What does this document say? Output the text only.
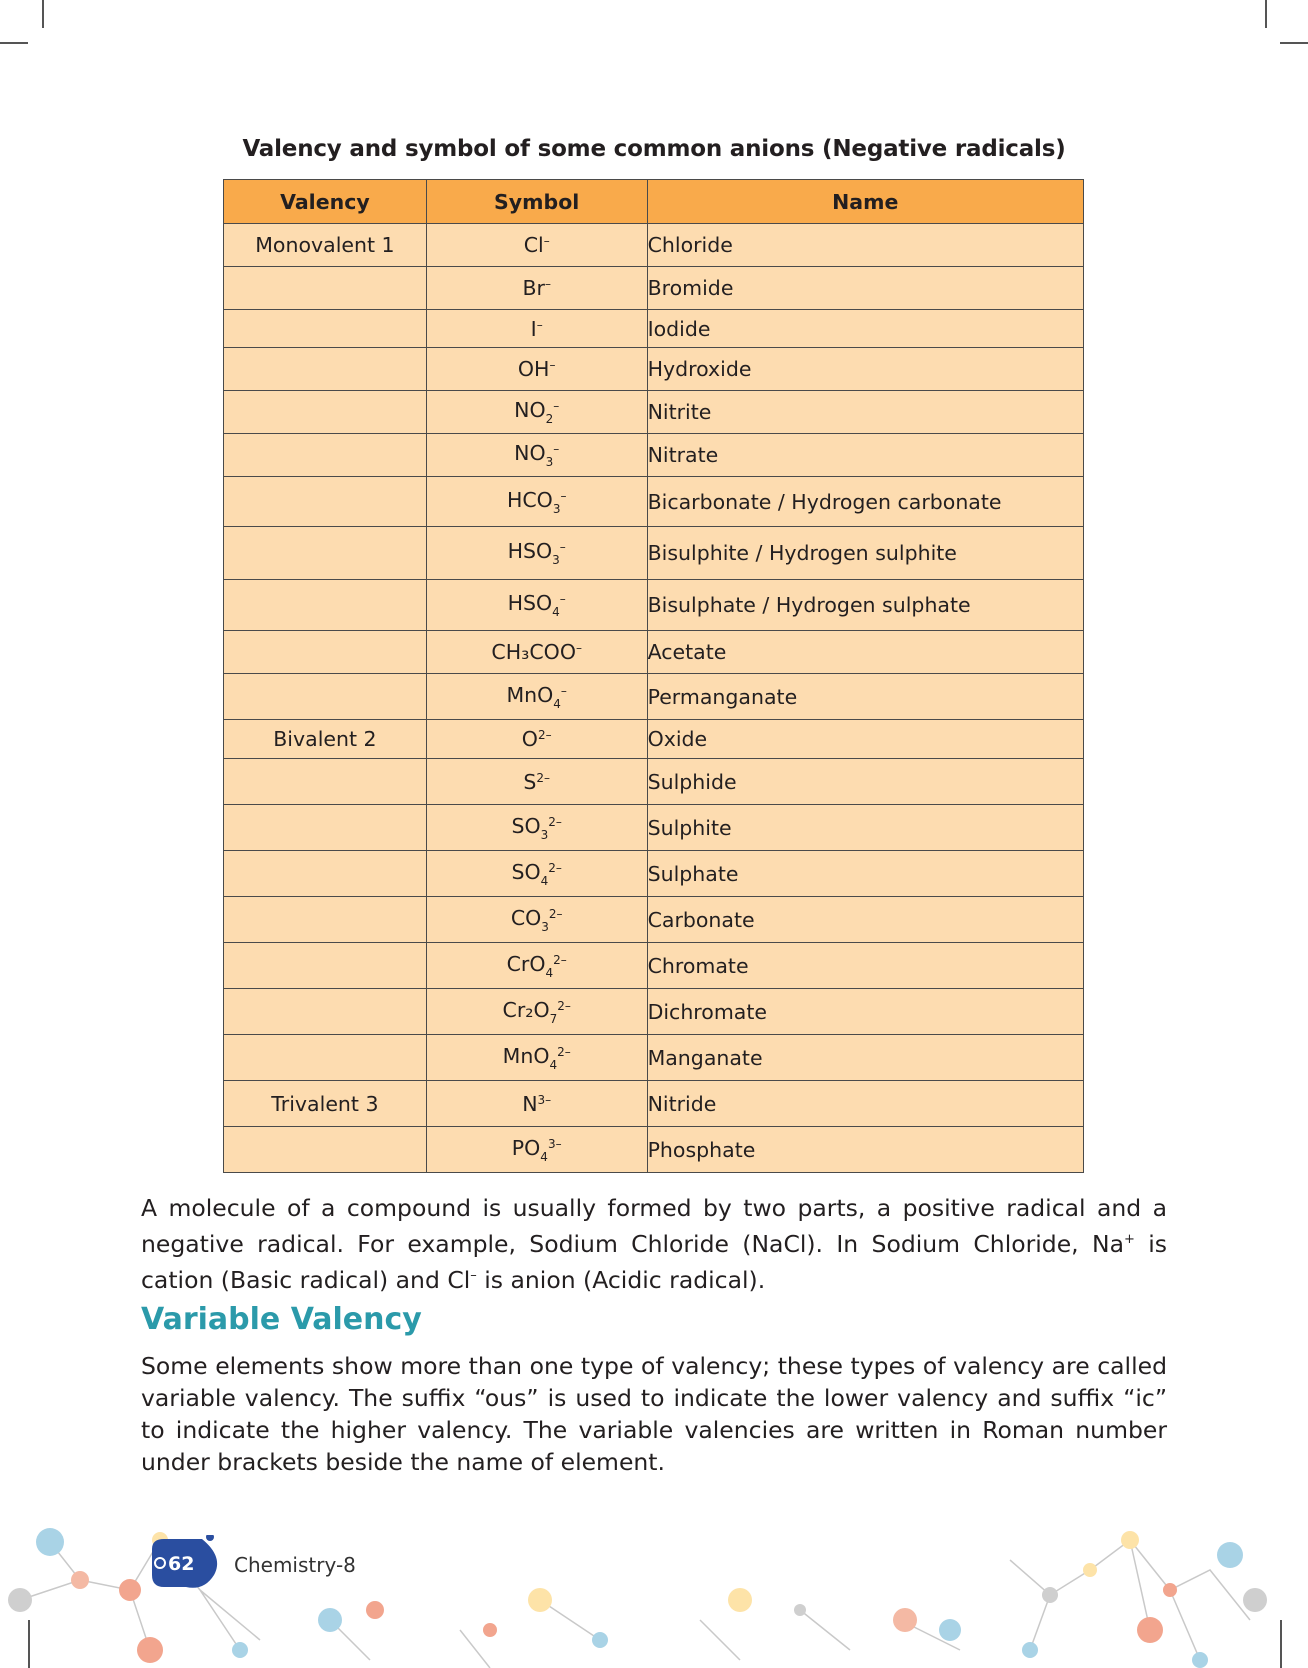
Valency and symbol of some common anions (Negative radicals)
Valency	Symbol	Name
Monovalent 1	Cl–	Chloride
	Br–	Bromide
	I–	Iodide
	OH–	Hydroxide
	$NO_2^-$	Nitrite
	$NO_3^-$	Nitrate
	$HCO_3^-$	Bicarbonate / Hydrogen carbonate
	$HSO_3^-$	Bisulphite / Hydrogen sulphite
	$HSO_4^-$	Bisulphate / Hydrogen sulphate
	CH₃COO–	Acetate
	MnO$_4$–	Permanganate
Bivalent 2	$O^{2-}$	Oxide
	$S^{2-}$	Sulphide
	$SO_3^{2-}$	Sulphite
	$SO_4^{2-}$	Sulphate
	$CO_3^{2-}$	Carbonate
	CrO$_4^{2-}$	Chromate
	$Cr_2O_7^{2-}$	Dichromate
	MnO$_4^{2-}$	Manganate
Trivalent 3	$N^{3-}$	Nitride
	$PO_4^{3-}$	Phosphate

A molecule of a compound is usually formed by two parts, a positive radical and a negative radical. For example, Sodium Chloride (NaCl). In Sodium Chloride, Na+ is cation (Basic radical) and Cl– is anion (Acidic radical).

Variable Valency

Some elements show more than one type of valency; these types of valency are called variable valency. The suffix “ous” is used to indicate the lower valency and suffix “ic” to indicate the higher valency. The variable valencies are written in Roman number under brackets beside the name of element.

62 Chemistry-8
